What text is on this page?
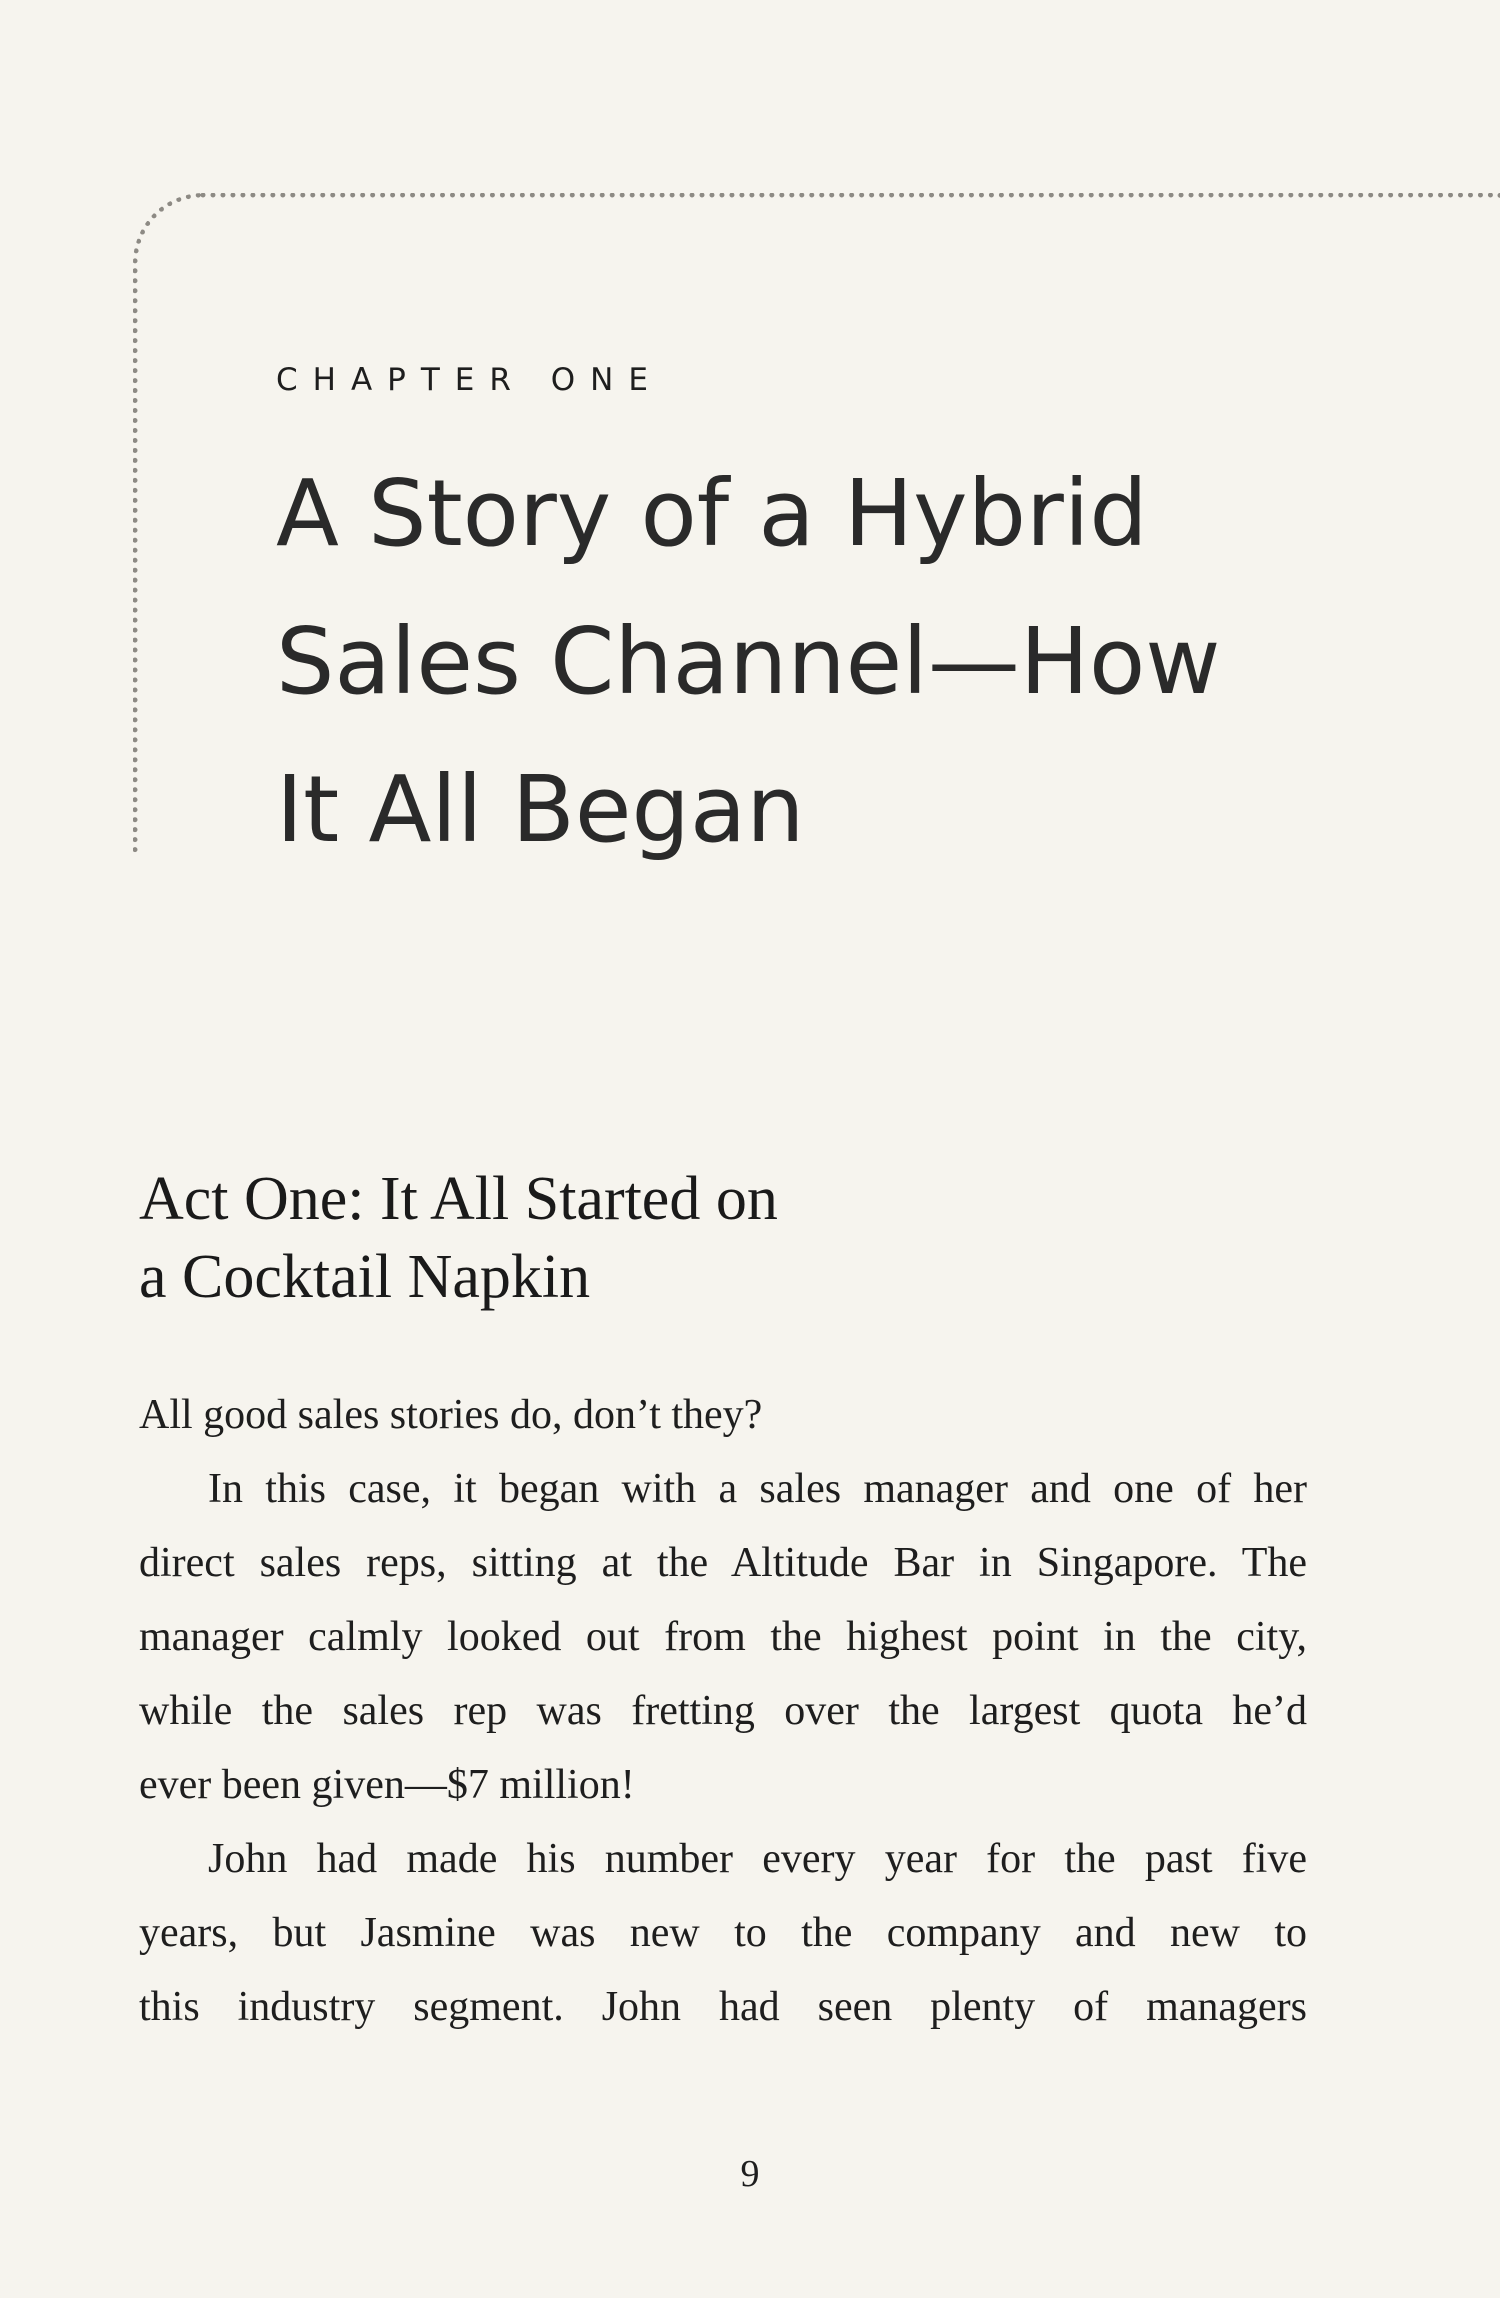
CHAPTER ONE
A Story of a Hybrid
Sales Channel—How
It All Began
Act One: It All Started on
a Cocktail Napkin
All good sales stories do, don’t they?
In this case, it began with a sales manager and one of her
direct sales reps, sitting at the Altitude Bar in Singapore. The
manager calmly looked out from the highest point in the city,
while the sales rep was fretting over the largest quota he’d
ever been given—$7 million!
John had made his number every year for the past five
years, but Jasmine was new to the company and new to
this industry segment. John had seen plenty of managers
9
